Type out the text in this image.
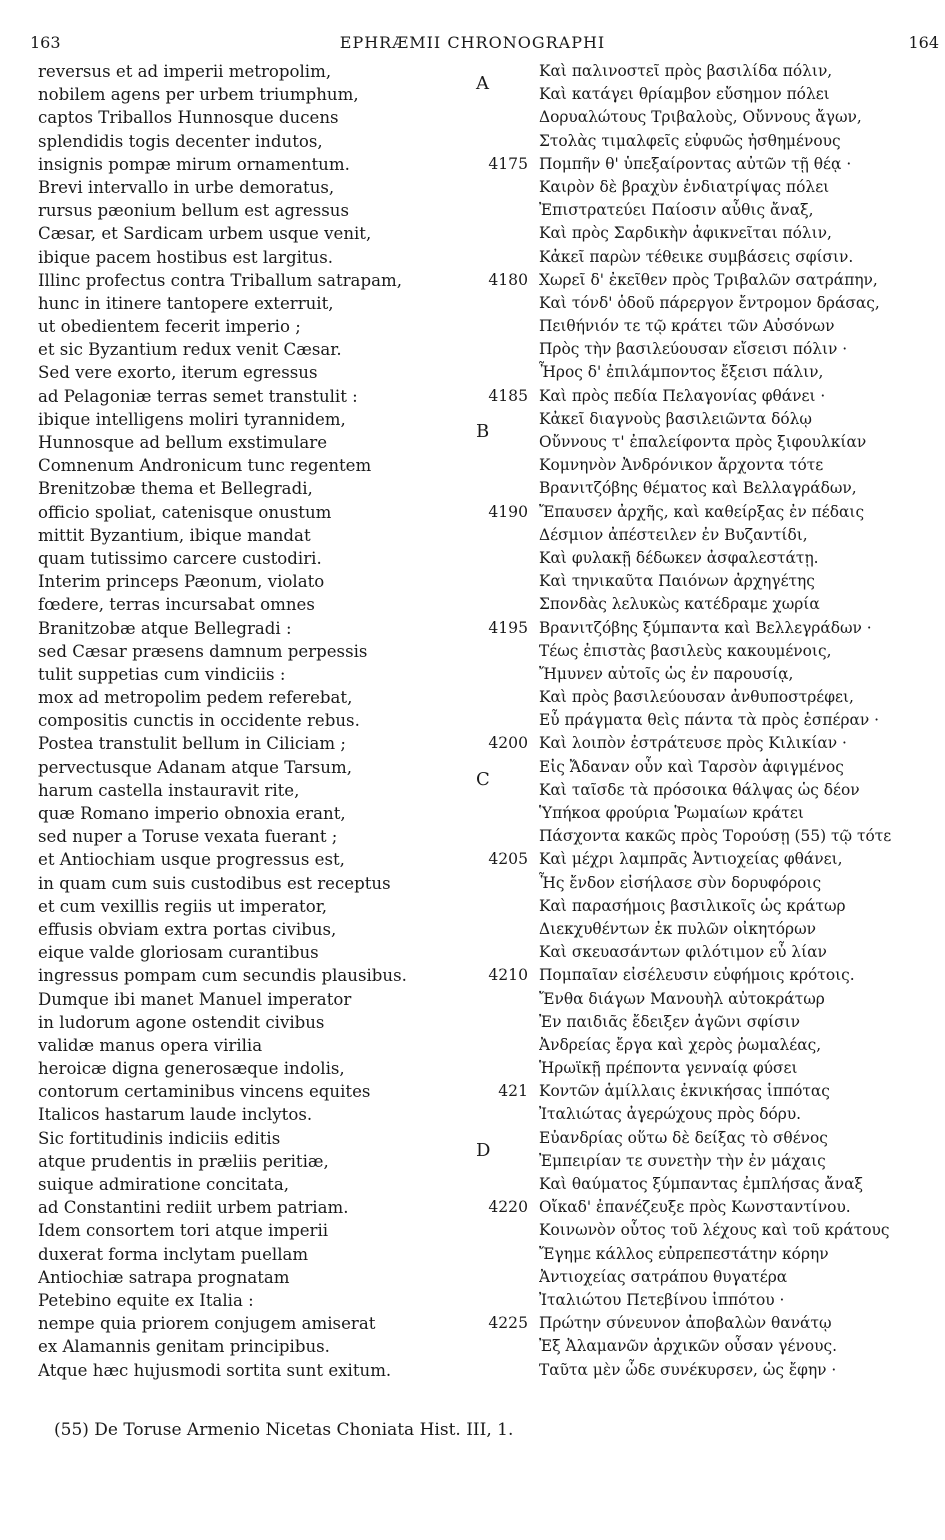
163	EPHRÆMII CHRONOGRAPHI	164
reversus et ad imperii metropolim,
nobilem agens per urbem triumphum,
captos Triballos Hunnosque ducens
splendidis togis decenter indutos,
insignis pompæ mirum ornamentum.
Brevi intervallo in urbe demoratus,
rursus pæonium bellum est agressus
Cæsar, et Sardicam urbem usque venit,
ibique pacem hostibus est largitus.
Illinc profectus contra Triballum satrapam,
hunc in itinere tantopere exterruit,
ut obedientem fecerit imperio ;
et sic Byzantium redux venit Cæsar.
Sed vere exorto, iterum egressus
ad Pelagoniæ terras semet transtulit :
ibique intelligens moliri tyrannidem,
Hunnosque ad bellum exstimulare
Comnenum Andronicum tunc regentem
Brenitzobæ thema et Bellegradi,
officio spoliat, catenisque onustum
mittit Byzantium, ibique mandat
quam tutissimo carcere custodiri.
Interim princeps Pæonum, violato
fœdere, terras incursabat omnes
Branitzobæ atque Bellegradi :
sed Cæsar præsens damnum perpessis
tulit suppetias cum vindiciis :
mox ad metropolim pedem referebat,
compositis cunctis in occidente rebus.
Postea transtulit bellum in Ciliciam ;
pervectusque Adanam atque Tarsum,
harum castella instauravit rite,
quæ Romano imperio obnoxia erant,
sed nuper a Toruse vexata fuerant ;
et Antiochiam usque progressus est,
in quam cum suis custodibus est receptus
et cum vexillis regiis ut imperator,
effusis obviam extra portas civibus,
eique valde gloriosam curantibus
ingressus pompam cum secundis plausibus.
Dumque ibi manet Manuel imperator
in ludorum agone ostendit civibus
validæ manus opera virilia
heroicæ digna generosæque indolis,
contorum certaminibus vincens equites
Italicos hastarum laude inclytos.
Sic fortitudinis indiciis editis
atque prudentis in præliis peritiæ,
suique admiratione concitata,
ad Constantini rediit urbem patriam.
Idem consortem tori atque imperii
duxerat forma inclytam puellam
Antiochiæ satrapa prognatam
Petebino equite ex Italia :
nempe quia priorem conjugem amiserat
ex Alamannis genitam principibus.
Atque hæc hujusmodi sortita sunt exitum.
A
4175
4180
4185
B
4190
4195
4200
C
4205
4210
421
D
4220
4225
Καὶ παλινοστεῖ πρὸς βασιλίδα πόλιν,
Καὶ κατάγει θρίαμβον εὔσημον πόλει
Δορυαλώτους Τριβαλοὺς, Οὔννους ἄγων,
Στολὰς τιμαλφεῖς εὐφυῶς ἠσθημένους
Πομπῆν θ' ὑπεξαίροντας αὐτῶν τῇ θέᾳ ·
Καιρὸν δὲ βραχὺν ἐνδιατρίψας πόλει
Ἐπιστρατεύει Παίοσιν αὖθις ἄναξ,
Καὶ πρὸς Σαρδικὴν ἀφικνεῖται πόλιν,
Κἀκεῖ παρὼν τέθεικε συμβάσεις σφίσιν.
Χωρεῖ δ' ἐκεῖθεν πρὸς Τριβαλῶν σατράπην,
Καὶ τόνδ' ὁδοῦ πάρεργον ἔντρομον δράσας,
Πειθήνιόν τε τῷ κράτει τῶν Αὐσόνων
Πρὸς τὴν βασιλεύουσαν εἴσεισι πόλιν ·
Ἦρος δ' ἐπιλάμποντος ἔξεισι πάλιν,
Καὶ πρὸς πεδία Πελαγονίας φθάνει ·
Κἀκεῖ διαγνοὺς βασιλειῶντα δόλῳ
Οὔννους τ' ἐπαλείφοντα πρὸς ξιφουλκίαν
Κομνηνὸν Ἀνδρόνικον ἄρχοντα τότε
Βρανιτζόβης θέματος καὶ Βελλαγράδων,
Ἔπαυσεν ἀρχῆς, καὶ καθείρξας ἐν πέδαις
Δέσμιον ἀπέστειλεν ἐν Βυζαντίδι,
Καὶ φυλακῇ δέδωκεν ἀσφαλεστάτῃ.
Καὶ τηνικαῦτα Παιόνων ἀρχηγέτης
Σπονδὰς λελυκὼς κατέδραμε χωρία
Βρανιτζόβης ξύμπαντα καὶ Βελλεγράδων ·
Τέως ἐπιστὰς βασιλεὺς κακουμένοις,
Ἤμυνεν αὐτοῖς ὡς ἐν παρουσίᾳ,
Καὶ πρὸς βασιλεύουσαν ἀνθυποστρέφει,
Εὖ πράγματα θεὶς πάντα τὰ πρὸς ἑσπέραν ·
Καὶ λοιπὸν ἐστράτευσε πρὸς Κιλικίαν ·
Εἰς Ἄδαναν οὖν καὶ Ταρσὸν ἀφιγμένος
Καὶ ταῖσδε τὰ πρόσοικα θάλψας ὡς δέον
Ὑπήκοα φρούρια Ῥωμαίων κράτει
Πάσχοντα κακῶς πρὸς Τορούσῃ (55) τῷ τότε
Καὶ μέχρι λαμπρᾶς Ἀντιοχείας φθάνει,
Ἧς ἔνδον εἰσήλασε σὺν δορυφόροις
Καὶ παρασήμοις βασιλικοῖς ὡς κράτωρ
Διεκχυθέντων ἐκ πυλῶν οἰκητόρων
Καὶ σκευασάντων φιλότιμον εὖ λίαν
Πομπαῖαν εἰσέλευσιν εὐφήμοις κρότοις.
Ἔνθα διάγων Μανουὴλ αὐτοκράτωρ
Ἐν παιδιᾶς ἔδειξεν ἀγῶνι σφίσιν
Ἀνδρείας ἔργα καὶ χερὸς ῥωμαλέας,
Ἡρωϊκῇ πρέποντα γενναίᾳ φύσει
Κοντῶν ἁμίλλαις ἐκνικήσας ἱππότας
Ἰταλιώτας ἀγερώχους πρὸς δόρυ.
Εὐανδρίας οὕτω δὲ δείξας τὸ σθένος
Ἐμπειρίαν τε συνετὴν τὴν ἐν μάχαις
Καὶ θαύματος ξύμπαντας ἐμπλήσας ἄναξ
Οἴκαδ' ἐπανέζευξε πρὸς Κωνσταντίνου.
Κοινωνὸν οὗτος τοῦ λέχους καὶ τοῦ κράτους
Ἔγημε κάλλος εὐπρεπεστάτην κόρην
Ἀντιοχείας σατράπου θυγατέρα
Ἰταλιώτου Πετεβίνου ἱππότου ·
Πρώτην σύνευνον ἀποβαλὼν θανάτῳ
Ἐξ Ἀλαμανῶν ἀρχικῶν οὖσαν γένους.
Ταῦτα μὲν ὧδε συνέκυρσεν, ὡς ἔφην ·
(55) De Toruse Armenio Nicetas Choniata Hist. III, 1.
